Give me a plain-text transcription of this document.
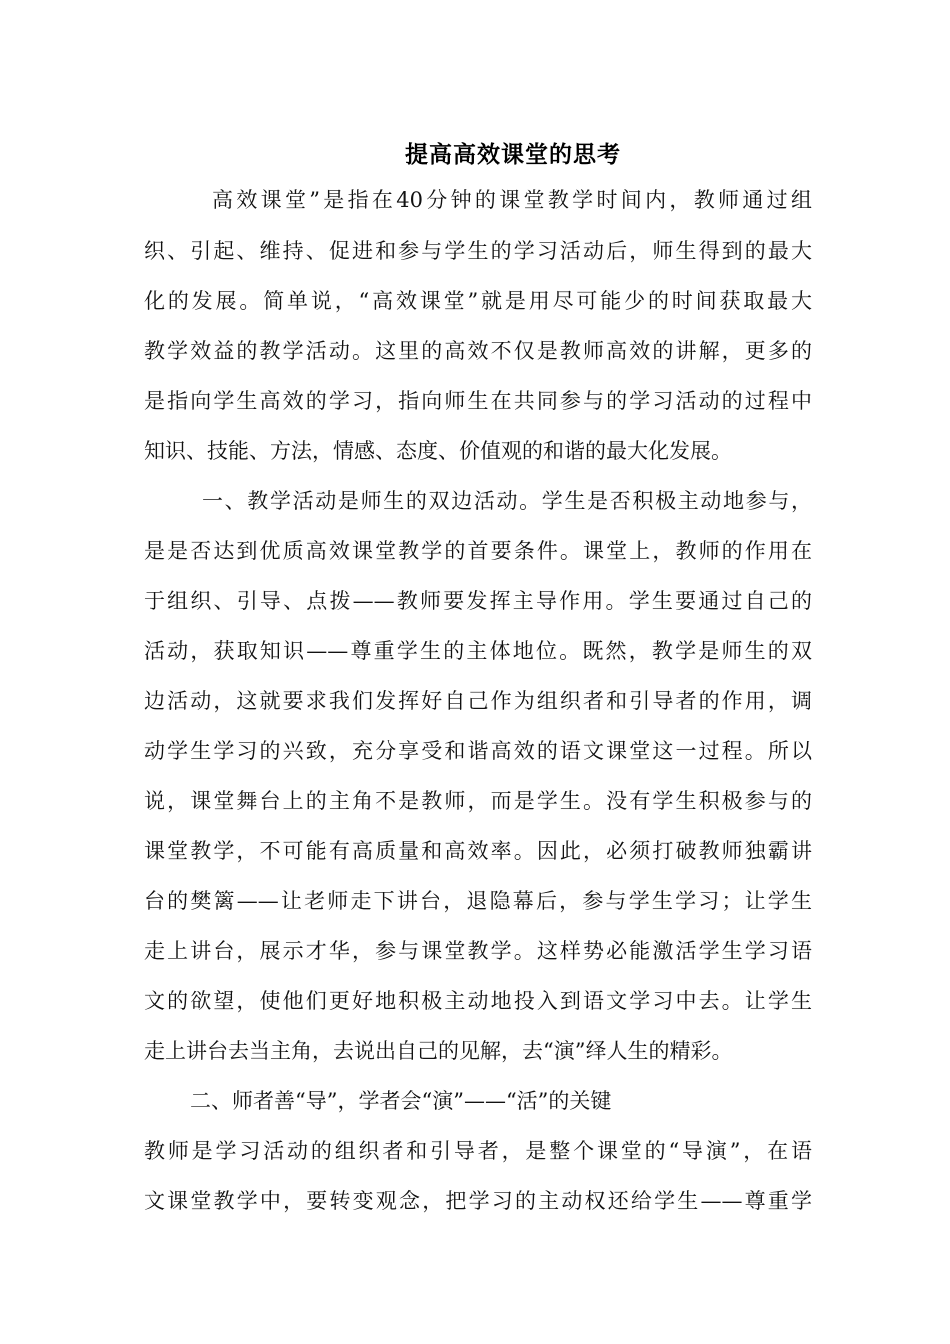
提高高效课堂的思考
高效课堂”是指在40分钟的课堂教学时间内，教师通过组
织、引起、维持、促进和参与学生的学习活动后，师生得到的最大
化的发展。简单说，“高效课堂”就是用尽可能少的时间获取最大
教学效益的教学活动。这里的高效不仅是教师高效的讲解，更多的
是指向学生高效的学习，指向师生在共同参与的学习活动的过程中
知识、技能、方法，情感、态度、价值观的和谐的最大化发展。
一、教学活动是师生的双边活动。学生是否积极主动地参与，
是是否达到优质高效课堂教学的首要条件。课堂上，教师的作用在
于组织、引导、点拨——教师要发挥主导作用。学生要通过自己的
活动，获取知识——尊重学生的主体地位。既然，教学是师生的双
边活动，这就要求我们发挥好自己作为组织者和引导者的作用，调
动学生学习的兴致，充分享受和谐高效的语文课堂这一过程。所以
说，课堂舞台上的主角不是教师，而是学生。没有学生积极参与的
课堂教学，不可能有高质量和高效率。因此，必须打破教师独霸讲
台的樊篱——让老师走下讲台，退隐幕后，参与学生学习；让学生
走上讲台，展示才华，参与课堂教学。这样势必能激活学生学习语
文的欲望，使他们更好地积极主动地投入到语文学习中去。让学生
走上讲台去当主角，去说出自己的见解，去“演”绎人生的精彩。
二、师者善“导”，学者会“演”——“活”的关键
教师是学习活动的组织者和引导者，是整个课堂的“导演”，在语
文课堂教学中，要转变观念，把学习的主动权还给学生——尊重学
